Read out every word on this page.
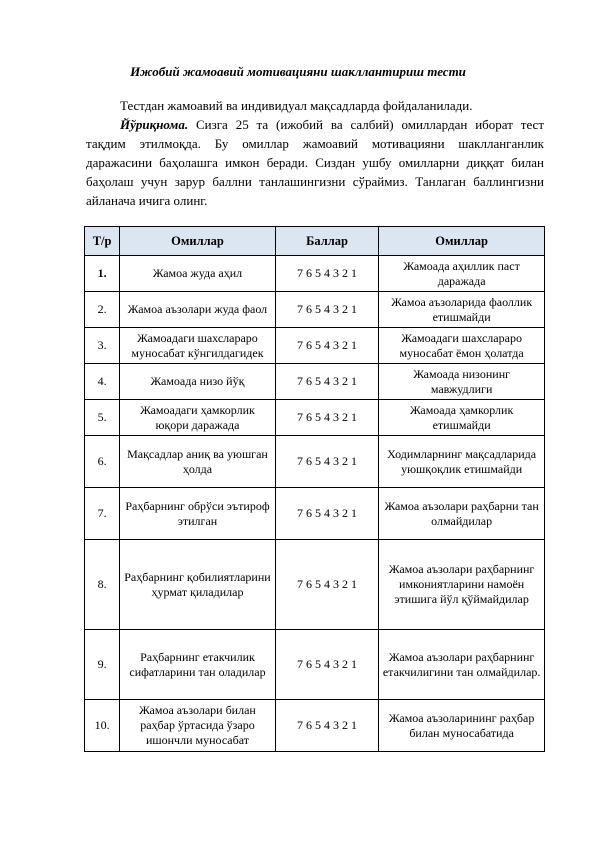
Ижобий жамоавий мотивацияни шакллантириш тести
Тестдан жамоавий ва индивидуал мақсадларда фойдаланилади.
Йўриқнома. Сизга 25 та (ижобий ва салбий) омиллардан иборат тест тақдим этилмоқда. Бу омиллар жамоавий мотивацияни шаклланганлик даражасини баҳолашга имкон беради. Сиздан ушбу омилларни диққат билан баҳолаш учун зарур баллни танлашингизни сўраймиз. Танлаган баллингизни айланача ичига олинг.
Т/р	Омиллар	Баллар	Омиллар
1.	Жамоа жуда аҳил	7 6 5 4 3 2 1	Жамоада аҳиллик паст даражада
2.	Жамоа аъзолари жуда фаол	7 6 5 4 3 2 1	Жамоа аъзоларида фаоллик етишмайди
3.	Жамоадаги шахслараро муносабат кўнгилдагидек	7 6 5 4 3 2 1	Жамоадаги шахслараро муносабат ёмон ҳолатда
4.	Жамоада низо йўқ	7 6 5 4 3 2 1	Жамоада низонинг мавжудлиги
5.	Жамоадаги ҳамкорлик юқори даражада	7 6 5 4 3 2 1	Жамоада ҳамкорлик етишмайди
6.	Мақсадлар аниқ ва уюшган ҳолда	7 6 5 4 3 2 1	Ходимларнинг мақсадларида уюшқоқлик етишмайди
7.	Раҳбарнинг обрўси эътироф этилган	7 6 5 4 3 2 1	Жамоа аъзолари раҳбарни тан олмайдилар
8.	Раҳбарнинг қобилиятларини ҳурмат қиладилар	7 6 5 4 3 2 1	Жамоа аъзолари раҳбарнинг имкониятларини намоён этишига йўл қўймайдилар
9.	Раҳбарнинг етакчилик сифатларини тан оладилар	7 6 5 4 3 2 1	Жамоа аъзолари раҳбарнинг етакчилигини тан олмайдилар.
10.	Жамоа аъзолари билан раҳбар ўртасида ўзаро ишончли муносабат	7 6 5 4 3 2 1	Жамоа аъзоларининг раҳбар билан муносабатида
